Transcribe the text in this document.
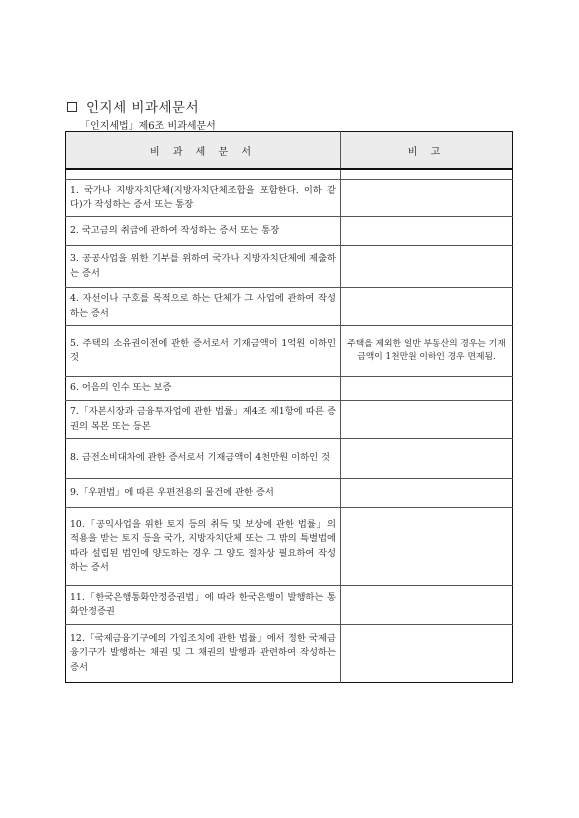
인지세 비과세문서
「인지세법」제6조 비과세문서
비 과 세 문 서	비 고

1. 국가나 지방자치단체(지방자치단체조합을 포함한다. 이하 같다)가 작성하는 증서 또는 통장	
2. 국고금의 취급에 관하여 작성하는 증서 또는 통장	
3. 공공사업을 위한 기부를 위하여 국가나 지방자치단체에 제출하는 증서	
4. 자선이나 구호를 목적으로 하는 단체가 그 사업에 관하여 작성하는 증서	
5. 주택의 소유권이전에 관한 증서로서 기재금액이 1억원 이하인 것	주택을 제외한 일반 부동산의 경우는 기재금액이 1천만원 이하인 경우 면제됨.
6. 어음의 인수 또는 보증	
7.「자본시장과 금융투자업에 관한 법률」제4조 제1항에 따른 증권의 복본 또는 등본	
8. 금전소비대차에 관한 증서로서 기재금액이 4천만원 이하인 것	
9.「우편법」에 따른 우편전용의 물건에 관한 증서	
10.「공익사업을 위한 토지 등의 취득 및 보상에 관한 법률」의 적용을 받는 토지 등을 국가, 지방자치단체 또는 그 밖의 특별법에 따라 설립된 법인에 양도하는 경우 그 양도 절차상 필요하여 작성하는 증서	
11.「한국은행통화안정증권법」에 따라 한국은행이 발행하는 통화안정증권	
12.「국제금융기구에의 가입조치에 관한 법률」에서 정한 국제금융기구가 발행하는 채권 및 그 채권의 발행과 관련하여 작성하는 증서	
